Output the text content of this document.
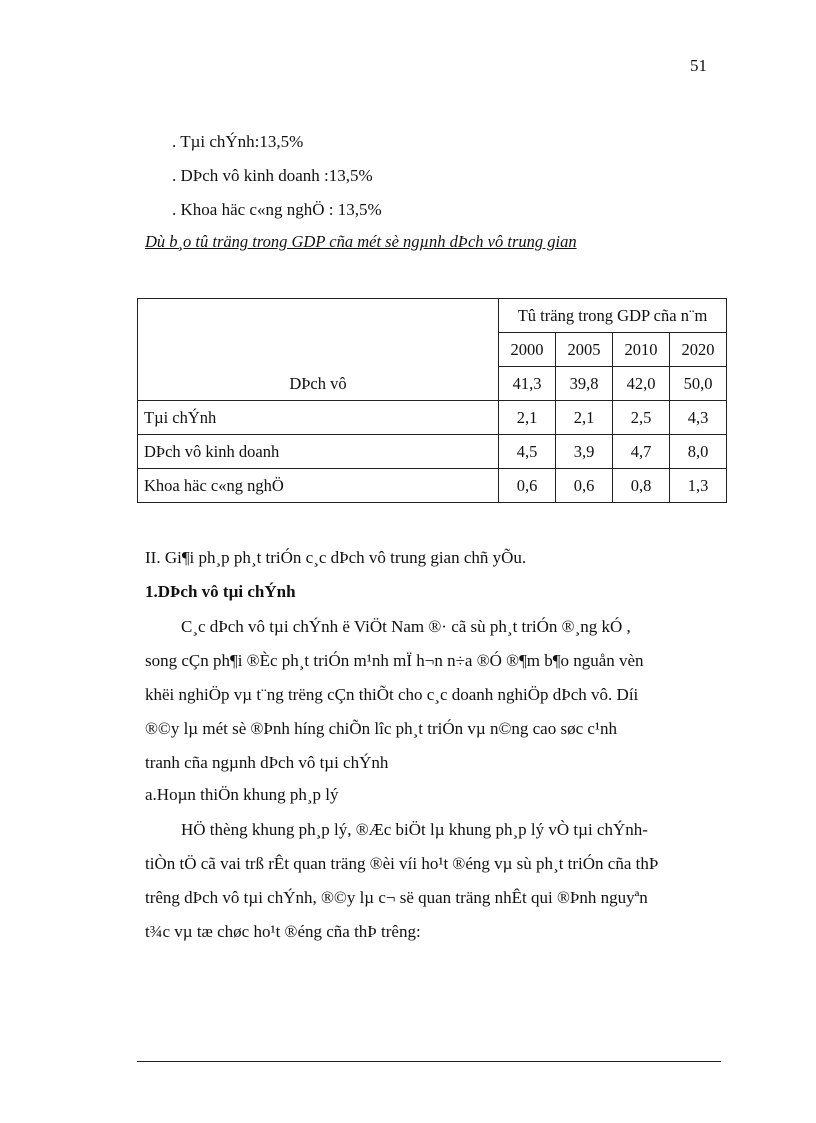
51
. Tµi chÝnh:13,5%
. DÞch vô kinh doanh :13,5%
. Khoa häc c«ng nghÖ : 13,5%
Dù b¸o tû träng trong GDP cña mét sè ngµnh dÞch vô trung gian
DÞch vô	Tû träng trong GDP cña n¨m			
	2000	2005	2010	2020
	41,3	39,8	42,0	50,0
Tµi chÝnh	2,1	2,1	2,5	4,3
DÞch vô kinh doanh	4,5	3,9	4,7	8,0
Khoa häc c«ng nghÖ	0,6	0,6	0,8	1,3
II. Gi¶i ph¸p ph¸t triÓn c¸c dÞch vô trung gian chñ yÕu.
1.DÞch vô tµi chÝnh
C¸c dÞch vô tµi chÝnh ë ViÖt Nam ®· cã sù ph¸t triÓn ®¸ng kÓ ,
song cÇn ph¶i ®Èc ph¸t triÓn m¹nh mÏ h¬n n÷a ®Ó ®¶m b¶o nguån vèn
khëi nghiÖp vµ t¨ng trëng cÇn thiÕt cho c¸c doanh nghiÖp dÞch vô. Díi
®©y lµ mét sè ®Þnh híng chiÕn lîc ph¸t triÓn vµ n©ng cao søc c¹nh
tranh cña ngµnh dÞch vô tµi chÝnh
a.Hoµn thiÖn khung ph¸p lý
HÖ thèng khung ph¸p lý, ®Æc biÖt lµ khung ph¸p lý vÒ tµi chÝnh-
tiÒn tÖ cã vai trß rÊt quan träng ®èi víi ho¹t ®éng vµ sù ph¸t triÓn cña thÞ
trêng dÞch vô tµi chÝnh, ®©y lµ c¬ së quan träng nhÊt qui ®Þnh nguyªn
t¾c vµ tæ chøc ho¹t ®éng cña thÞ trêng:
